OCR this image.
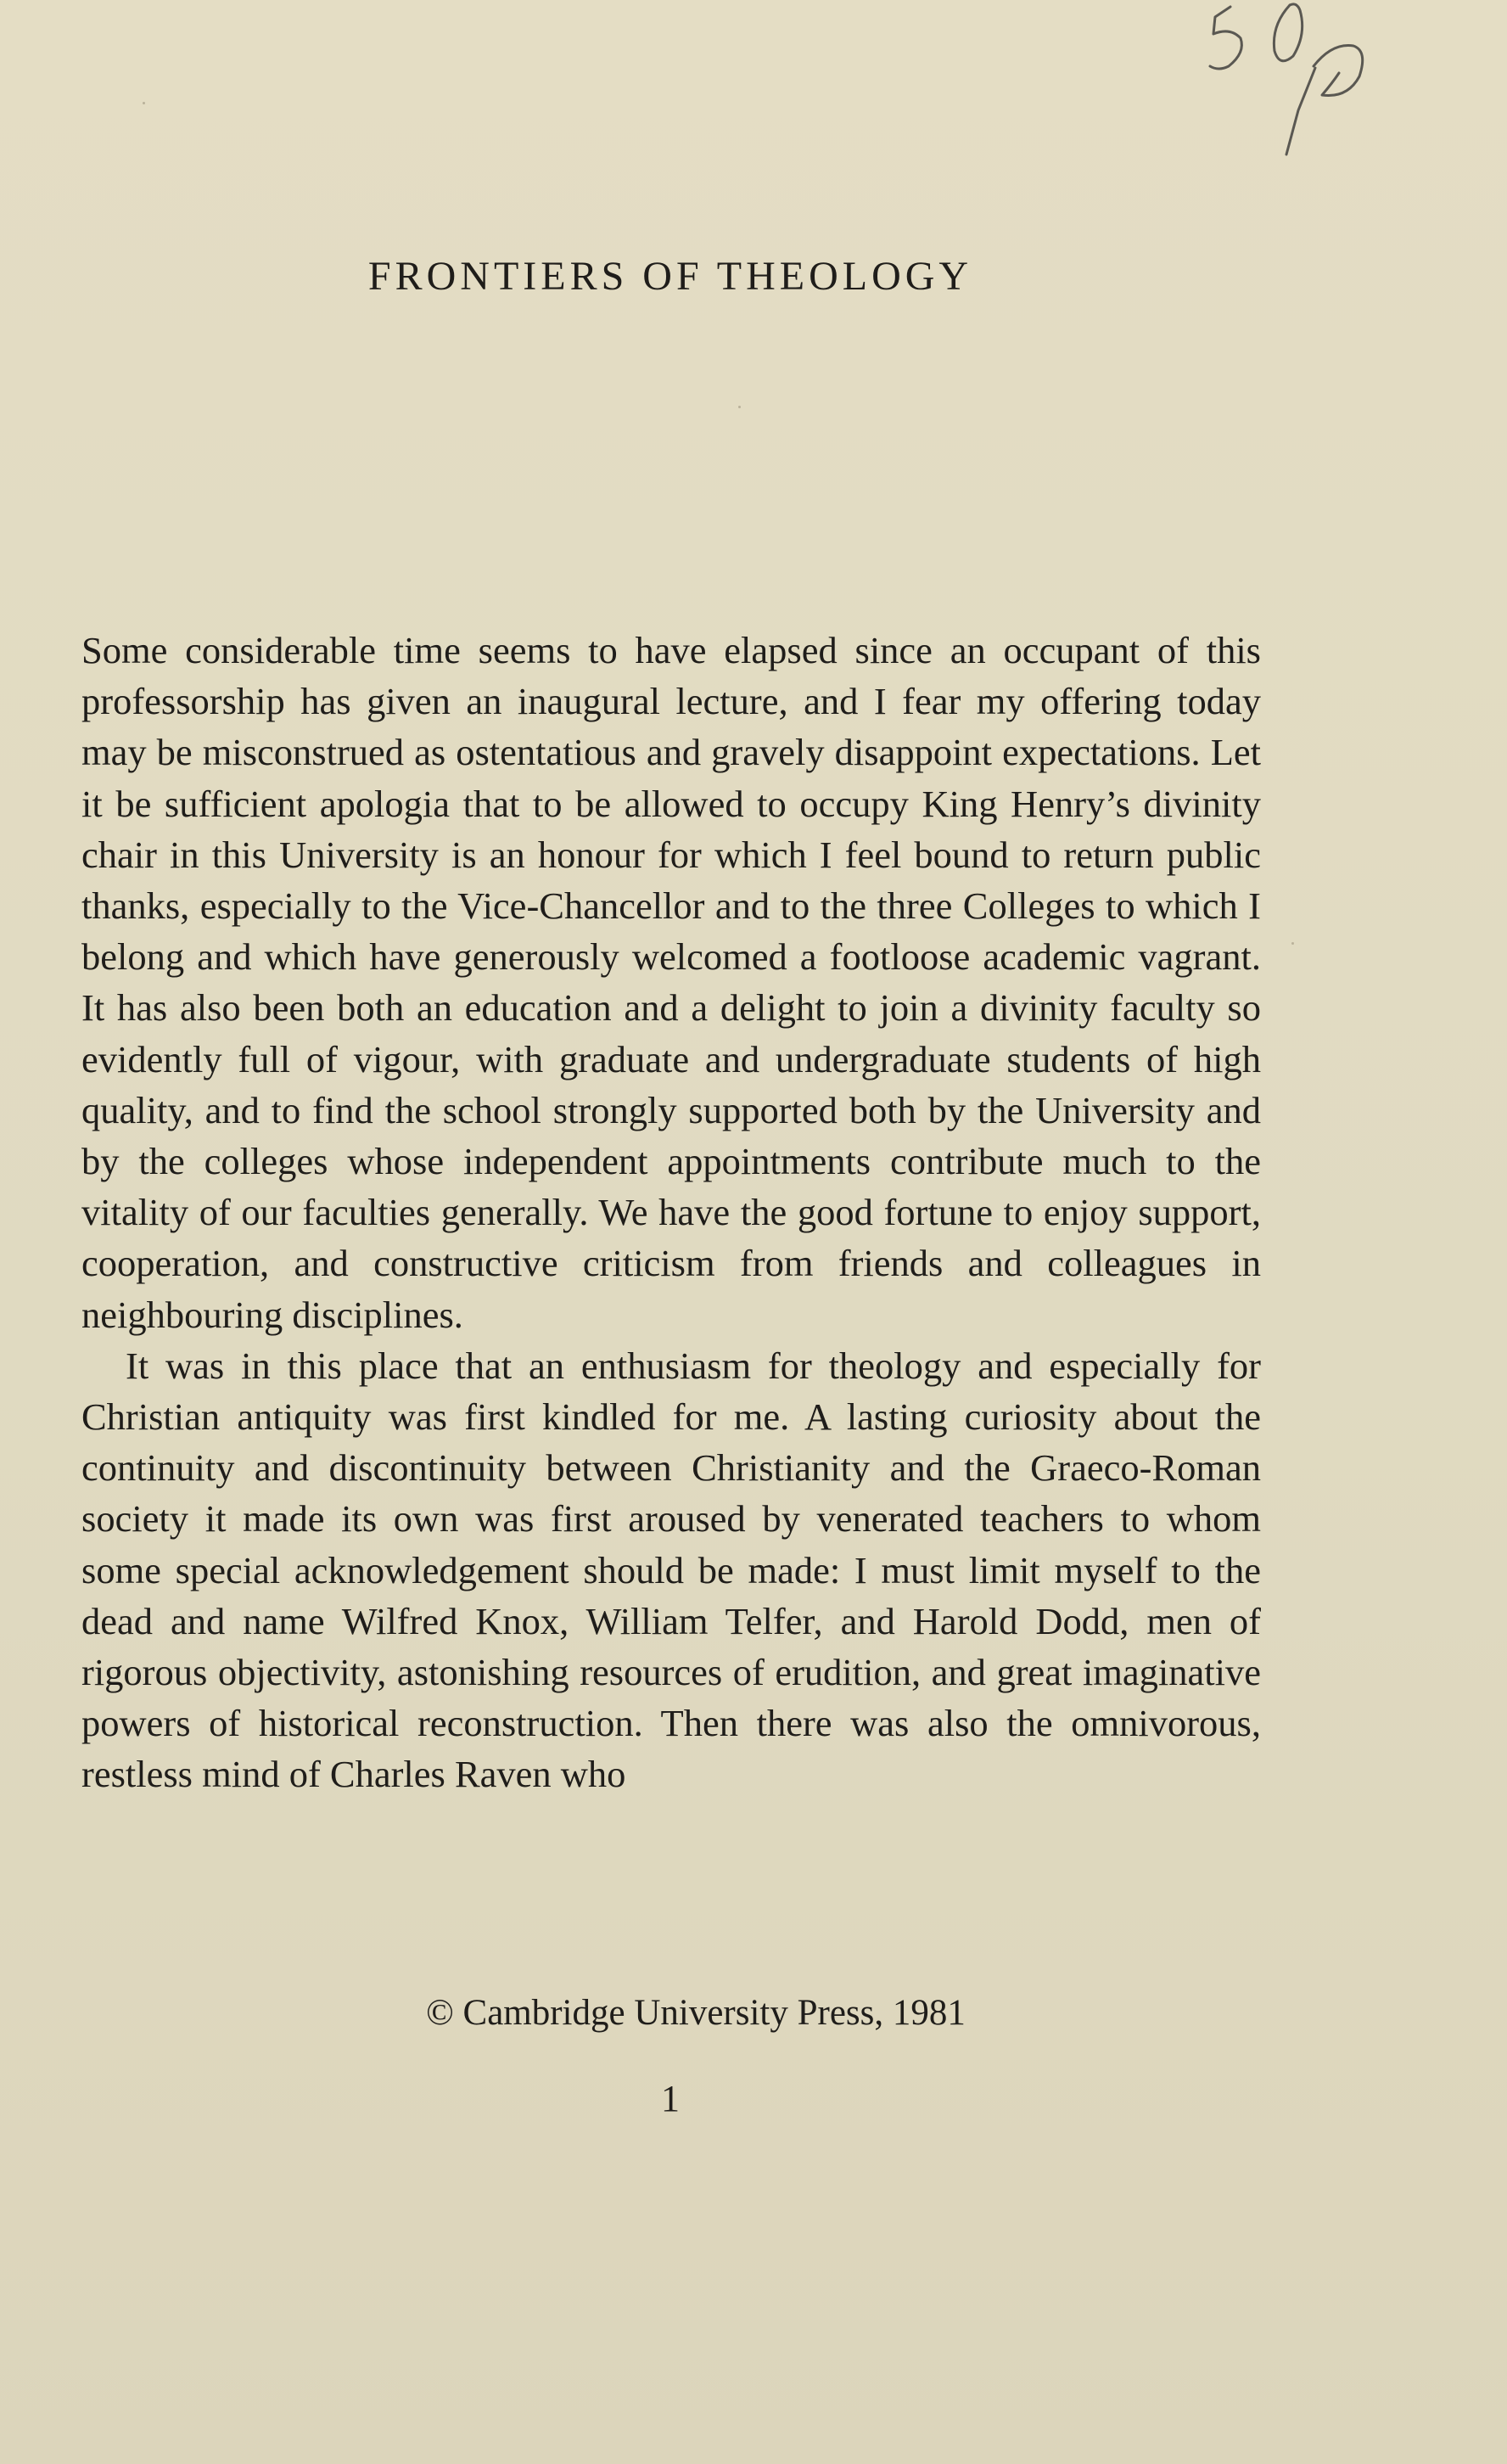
FRONTIERS OF THEOLOGY

Some considerable time seems to have elapsed since an occupant of this professorship has given an inaugural lecture, and I fear my offering today may be misconstrued as ostentatious and gravely disappoint expectations. Let it be sufficient apologia that to be allowed to occupy King Henry’s divinity chair in this University is an honour for which I feel bound to return public thanks, especially to the Vice-Chancellor and to the three Colleges to which I belong and which have generously welcomed a footloose academic vagrant. It has also been both an education and a delight to join a divinity faculty so evidently full of vigour, with graduate and undergraduate students of high quality, and to find the school strongly supported both by the University and by the colleges whose independent appointments contribute much to the vitality of our faculties generally. We have the good fortune to enjoy support, cooperation, and constructive criticism from friends and colleagues in neighbouring disciplines.

It was in this place that an enthusiasm for theology and especially for Christian antiquity was first kindled for me. A lasting curiosity about the continuity and discontinuity between Christianity and the Graeco-Roman society it made its own was first aroused by venerated teachers to whom some special acknowledgement should be made: I must limit myself to the dead and name Wilfred Knox, William Telfer, and Harold Dodd, men of rigorous objectivity, astonishing resources of erudition, and great imaginative powers of historical reconstruction. Then there was also the omnivorous, restless mind of Charles Raven who

© Cambridge University Press, 1981

1
